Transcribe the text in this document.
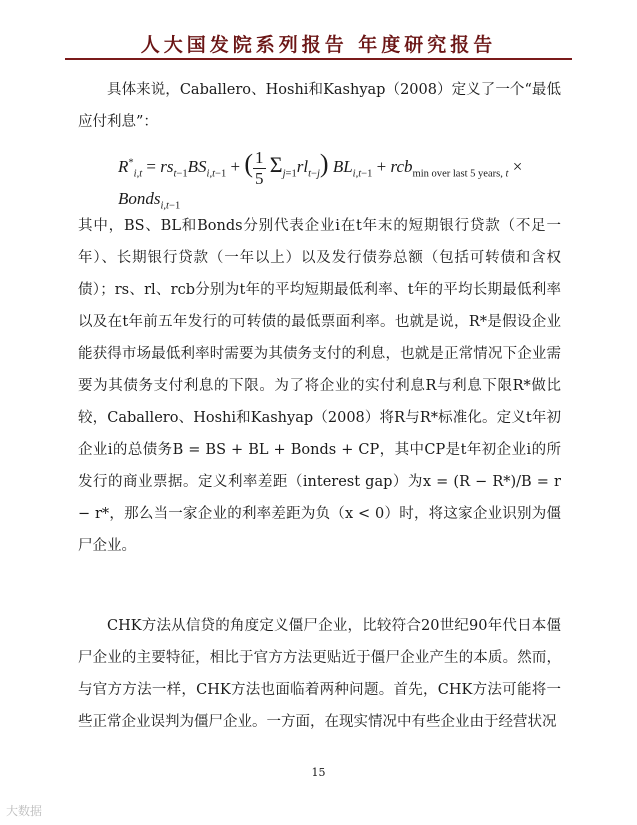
人大国发院系列报告 年度研究报告
具体来说，Caballero、Hoshi和Kashyap（2008）定义了一个“最低应付利息”：
$R^*_{i,t} = rs_{t-1}BS_{i,t-1}$ + ( $\frac{1}{5} \Sigma_{j=1}rl_{t-j}$) $BL_{i,t-1} + rcb_{min over last 5 years, t}$ × Bonds$_{i,t-1}$
其中，BS、BL和Bonds分别代表企业i在t年末的短期银行贷款（不足一年）、长期银行贷款（一年以上）以及发行债券总额（包括可转债和含权债）；rs、rl、rcb分别为t年的平均短期最低利率、t年的平均长期最低利率以及在t年前五年发行的可转债的最低票面利率。也就是说，R*是假设企业能获得市场最低利率时需要为其债务支付的利息，也就是正常情况下企业需要为其债务支付利息的下限。为了将企业的实付利息R与利息下限R*做比较，Caballero、Hoshi和Kashyap（2008）将R与R*标准化。定义t年初企业i的总债务B = BS + BL + Bonds + CP，其中CP是t年初企业i的所发行的商业票据。定义利率差距（interest gap）为x = (R − R*)/B = r − r*，那么当一家企业的利率差距为负（x < 0）时，将这家企业识别为僵尸企业。
CHK方法从信贷的角度定义僵尸企业，比较符合20世纪90年代日本僵尸企业的主要特征，相比于官方方法更贴近于僵尸企业产生的本质。然而，与官方方法一样，CHK方法也面临着两种问题。首先，CHK方法可能将一些正常企业误判为僵尸企业。一方面，在现实情况中有些企业由于经营状况
15
大数据
